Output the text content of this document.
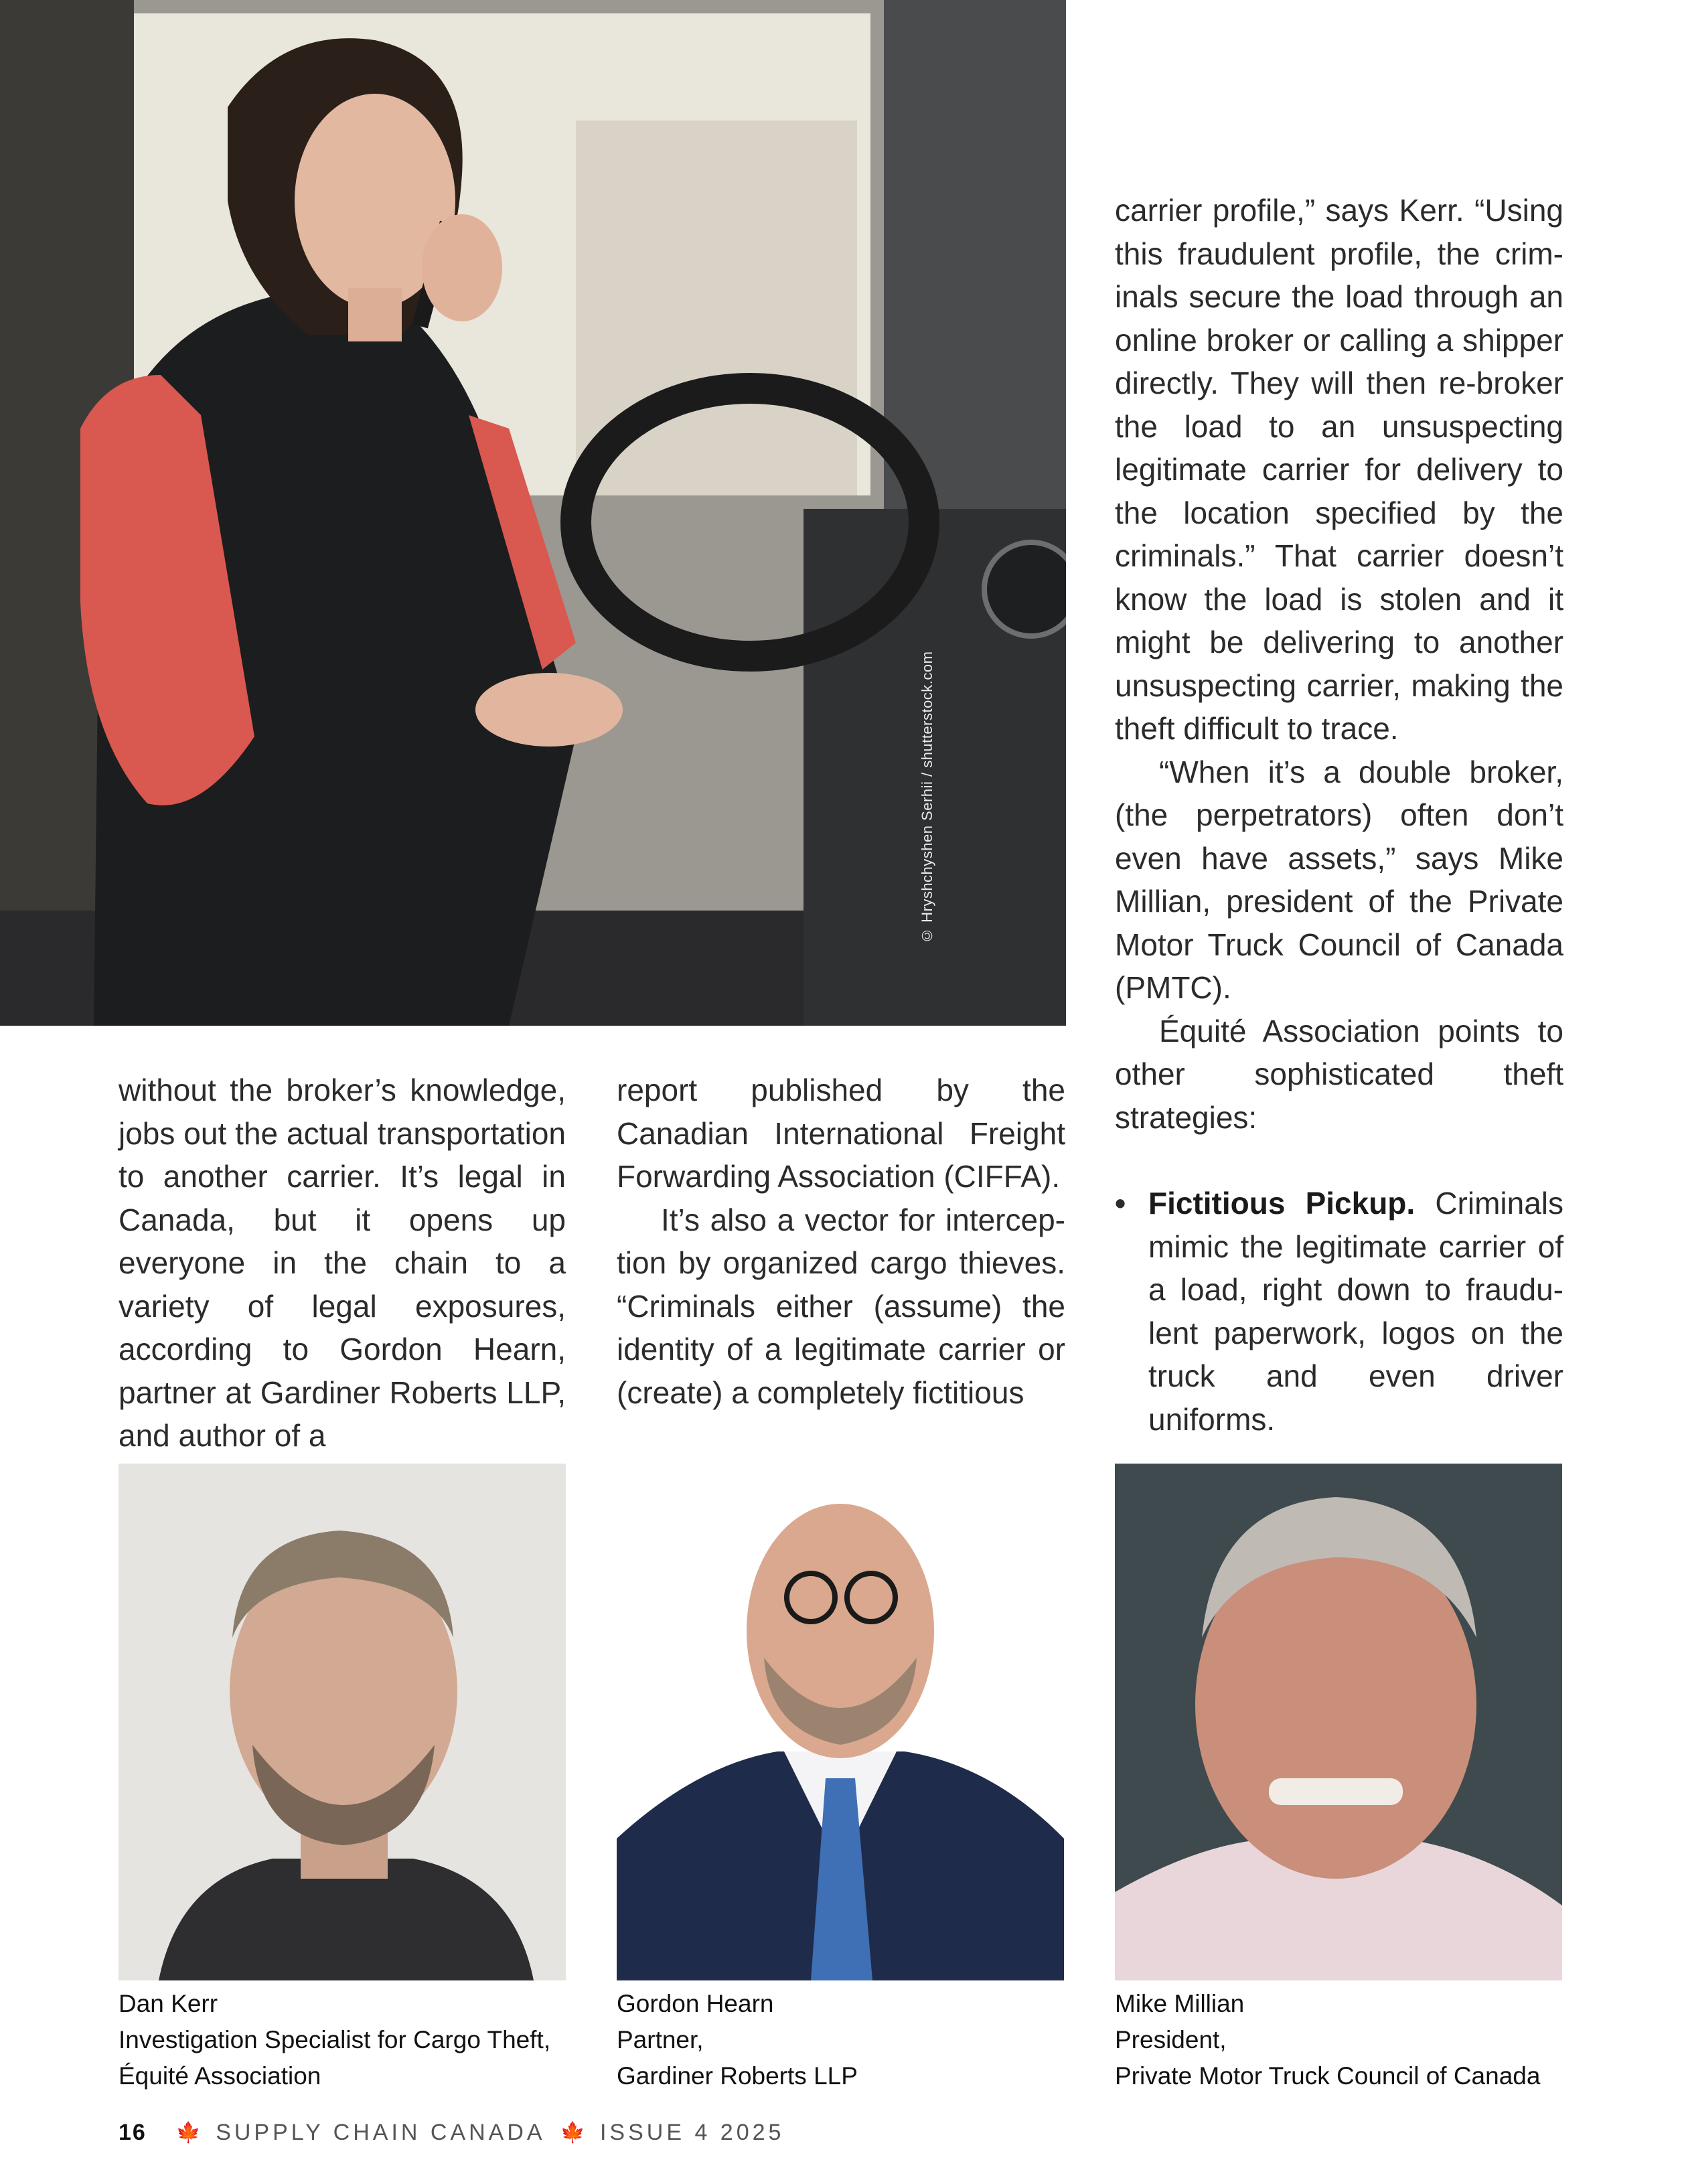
© Hryshchyshen Serhii / shutterstock.com

without the broker’s knowledge, jobs out the actual transportation to another carrier. It’s legal in Canada, but it opens up everyone in the chain to a variety of legal exposures, according to Gordon Hearn, partner at Gardiner Roberts LLP, and author of a

report published by the Canadian International Freight Forwarding Association (CIFFA).

It’s also a vector for interception by organized cargo thieves. “Criminals either (assume) the identity of a legitimate carrier or (create) a completely fictitious

carrier profile,” says Kerr. “Using this fraudulent profile, the criminals secure the load through an online broker or calling a shipper directly. They will then re-broker the load to an unsuspecting legitimate carrier for delivery to the location specified by the criminals.” That carrier doesn’t know the load is stolen and it might be delivering to another unsuspecting carrier, making the theft difficult to trace.

“When it’s a double broker, (the perpetrators) often don’t even have assets,” says Mike Millian, president of the Private Motor Truck Council of Canada (PMTC).

Équité Association points to other sophisticated theft strategies:

• Fictitious Pickup. Criminals mimic the legitimate carrier of a load, right down to fraudulent paperwork, logos on the truck and even driver uniforms.

Dan Kerr
Investigation Specialist for Cargo Theft,
Équité Association
Gordon Hearn
Partner,
Gardiner Roberts LLP
Mike Millian
President,
Private Motor Truck Council of Canada
16 🍁 SUPPLY CHAIN CANADA 🍁 ISSUE 4 2025
